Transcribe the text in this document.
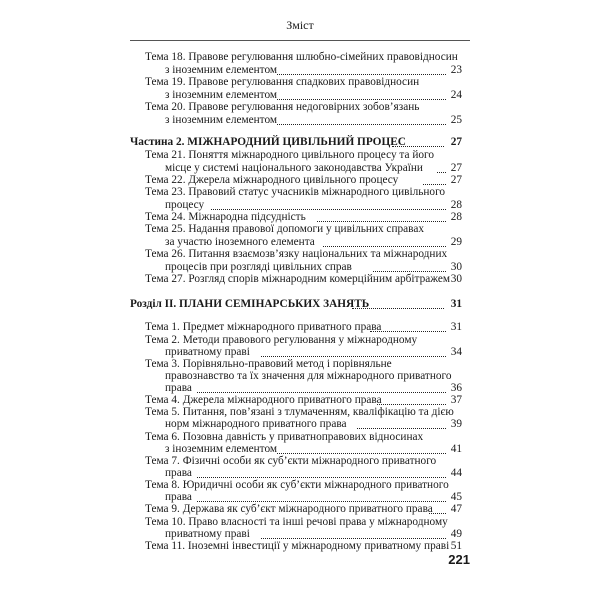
Зміст
Тема 18. Правове регулювання шлюбно-сімейних правовідносин
з іноземним елементом	23
Тема 19. Правове регулювання спадкових правовідносин
з іноземним елементом	24
Тема 20. Правове регулювання недоговірних зобов’язань
з іноземним елементом	25
Частина 2. МІЖНАРОДНИЙ ЦИВІЛЬНИЙ ПРОЦЕС	27
Тема 21. Поняття міжнародного цивільного процесу та його
місце у системі національного законодавства України 27
Тема 22. Джерела міжнародного цивільного процесу	27
Тема 23. Правовий статус учасників міжнародного цивільного
процесу	28
Тема 24. Міжнародна підсудність	28
Тема 25. Надання правової допомоги у цивільних справах
за участю іноземного елемента	29
Тема 26. Питання взаємозв’язку національних та міжнародних
процесів при розгляді цивільних справ	30
Тема 27. Розгляд спорів міжнародним комерційним арбітражем 30
Розділ II. ПЛАНИ СЕМІНАРСЬКИХ ЗАНЯТЬ	31
Тема 1. Предмет міжнародного приватного права	31
Тема 2. Методи правового регулювання у міжнародному
приватному праві	34
Тема 3. Порівняльно-правовий метод і порівняльне
правознавство та їх значення для міжнародного приватного
права	36
Тема 4. Джерела міжнародного приватного права	37
Тема 5. Питання, пов’язані з тлумаченням, кваліфікацію та дією
норм міжнародного приватного права	39
Тема 6. Позовна давність у приватноправових відносинах
з іноземним елементом	41
Тема 7. Фізичні особи як суб’єкти міжнародного приватного
права	44
Тема 8. Юридичні особи як суб’єкти міжнародного приватного
права	45
Тема 9. Держава як суб’єкт міжнародного приватного права 47
Тема 10. Право власності та інші речові права у міжнародному
приватному праві	49
Тема 11. Іноземні інвестиції у міжнародному приватному праві 51
221
